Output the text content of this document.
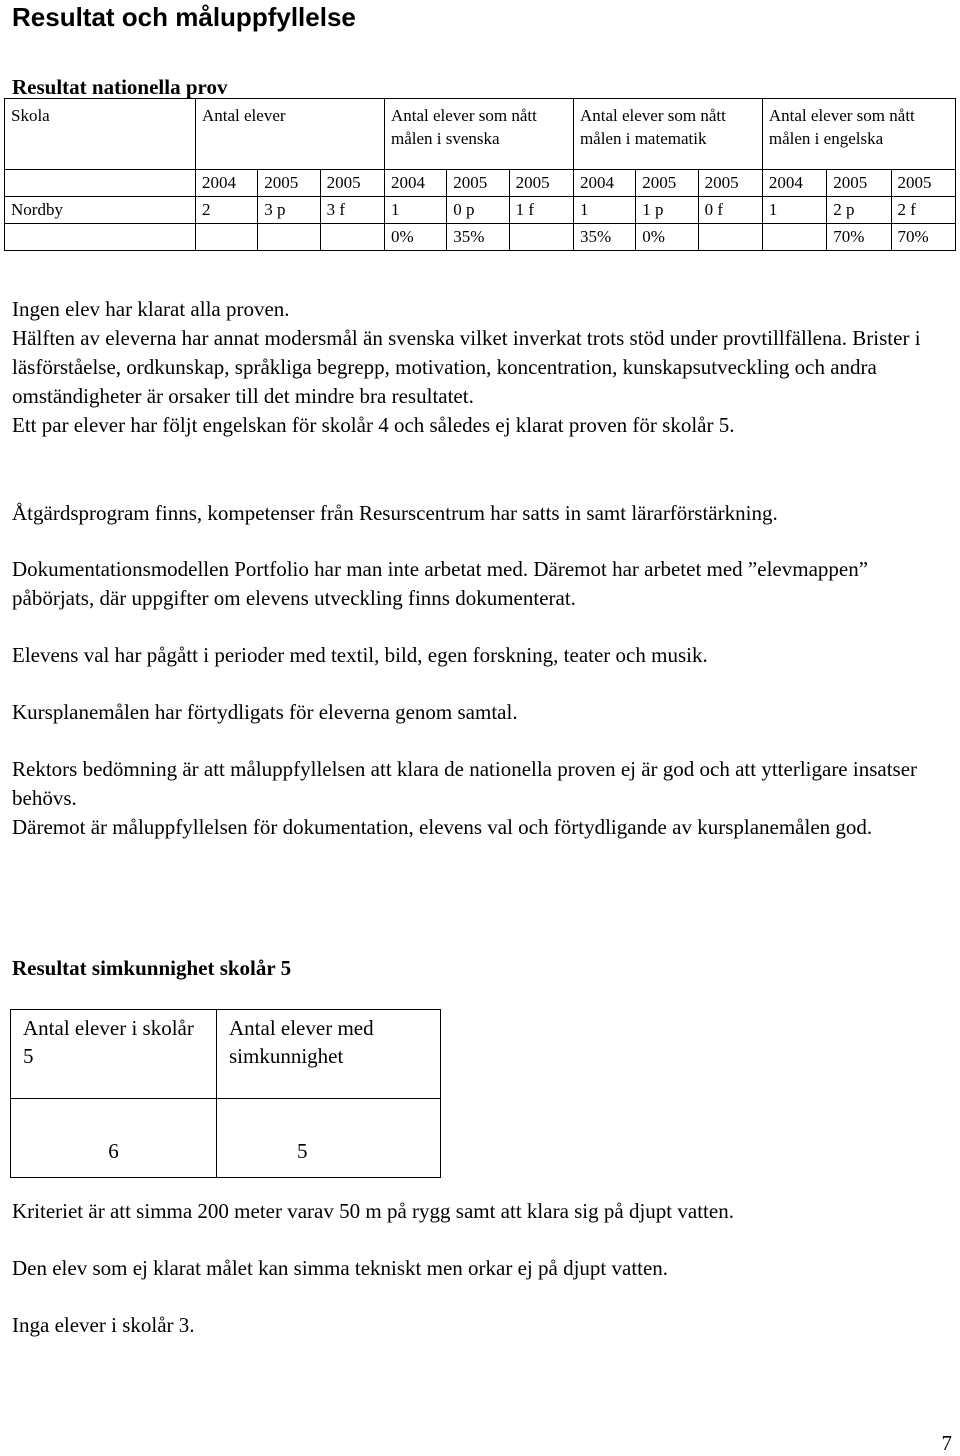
Resultat och måluppfyllelse
Resultat nationella prov
Skola	Antal elever			Antal elever som nått målen i svenska			Antal elever som nått målen i matematik			Antal elever som nått målen i engelska		
	2004	2005	2005	2004	2005	2005	2004	2005	2005	2004	2005	2005
Nordby	2	3 p	3 f	1	0 p	1 f	1	1 p	0 f	1	2 p	2 f
				0%	35%		35%	0%			70%	70%
Ingen elev har klarat alla proven.
Hälften av eleverna har annat modersmål än svenska vilket inverkat trots stöd under provtillfällena. Brister i läsförståelse, ordkunskap, språkliga begrepp, motivation, koncentration, kunskapsutveckling och andra omständigheter är orsaker till det mindre bra resultatet.
Ett par elever har följt engelskan för skolår 4 och således ej klarat proven för skolår 5.

Åtgärdsprogram finns, kompetenser från Resurscentrum har satts in samt lärarförstärkning.

Dokumentationsmodellen Portfolio har man inte arbetat med. Däremot har arbetet med ”elevmappen” påbörjats, där uppgifter om elevens utveckling finns dokumenterat.

Elevens val har pågått i perioder med textil, bild, egen forskning, teater och musik.

Kursplanemålen har förtydligats för eleverna genom samtal.

Rektors bedömning är att måluppfyllelsen att klara de nationella proven ej är god och att ytterligare insatser behövs.
Däremot är måluppfyllelsen för dokumentation, elevens val och förtydligande av kursplanemålen god.
Resultat simkunnighet skolår 5
Antal elever i skolår 5	Antal elever med simkunnighet
6	5

Kriteriet är att simma 200 meter varav 50 m på rygg samt att klara sig på djupt vatten.

Den elev som ej klarat målet kan simma tekniskt men orkar ej på djupt vatten.

Inga elever i skolår 3.

7
